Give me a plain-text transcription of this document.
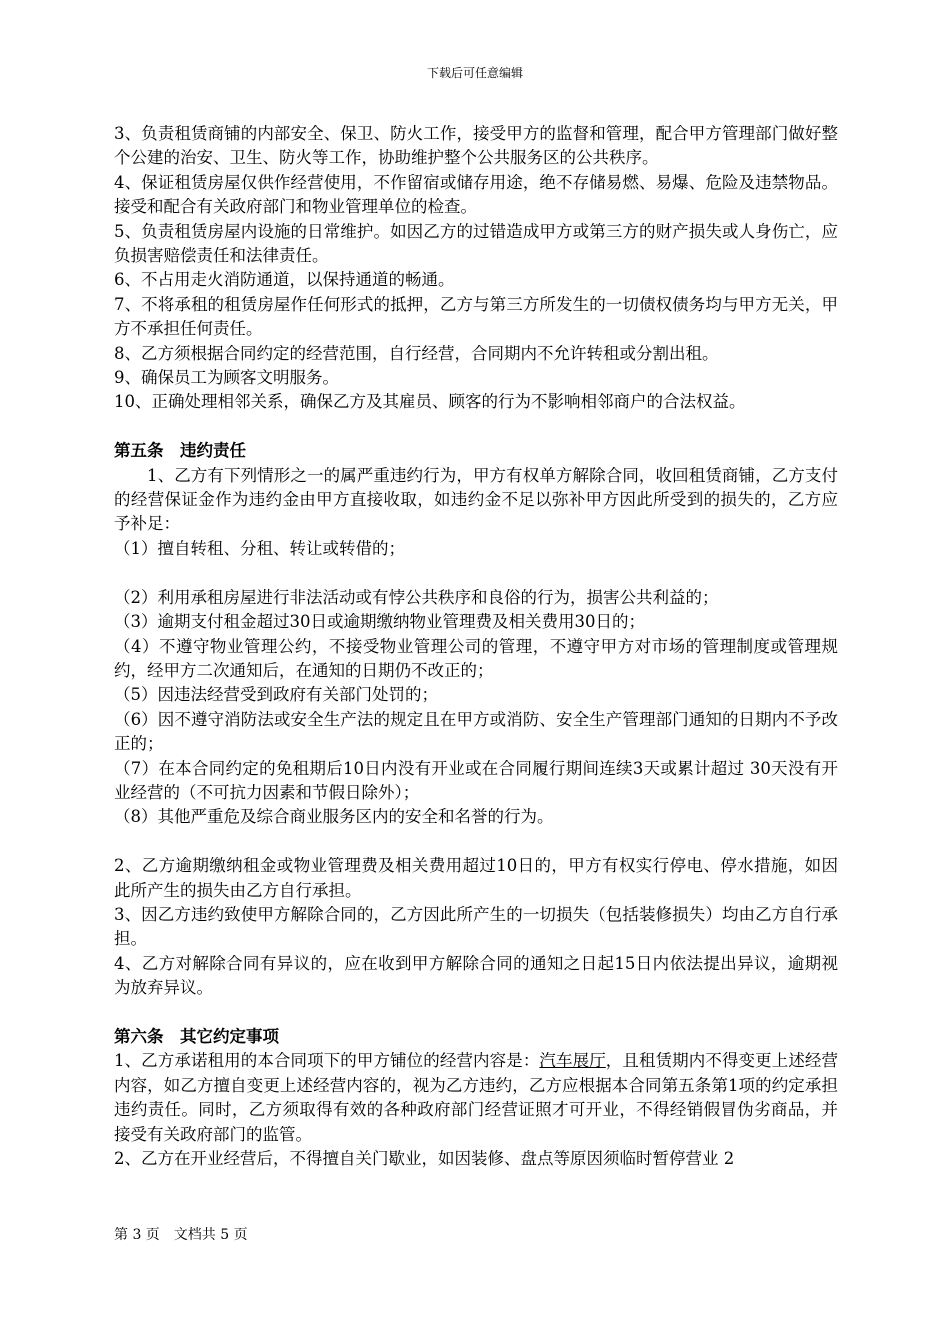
下载后可任意编辑

3、负责租赁商铺的内部安全、保卫、防火工作，接受甲方的监督和管理，配合甲方管理部门做好整个公建的治安、卫生、防火等工作，协助维护整个公共服务区的公共秩序。

4、保证租赁房屋仅供作经营使用，不作留宿或储存用途，绝不存储易燃、易爆、危险及违禁物品。接受和配合有关政府部门和物业管理单位的检查。

5、负责租赁房屋内设施的日常维护。如因乙方的过错造成甲方或第三方的财产损失或人身伤亡，应负损害赔偿责任和法律责任。

6、不占用走火消防通道，以保持通道的畅通。

7、不将承租的租赁房屋作任何形式的抵押，乙方与第三方所发生的一切债权债务均与甲方无关，甲方不承担任何责任。

8、乙方须根据合同约定的经营范围，自行经营，合同期内不允许转租或分割出租。

9、确保员工为顾客文明服务。

10、正确处理相邻关系，确保乙方及其雇员、顾客的行为不影响相邻商户的合法权益。

第五条　违约责任

1、乙方有下列情形之一的属严重违约行为，甲方有权单方解除合同，收回租赁商铺，乙方支付的经营保证金作为违约金由甲方直接收取，如违约金不足以弥补甲方因此所受到的损失的，乙方应予补足：

（1）擅自转租、分租、转让或转借的；

（2）利用承租房屋进行非法活动或有悖公共秩序和良俗的行为，损害公共利益的；

（3）逾期支付租金超过30日或逾期缴纳物业管理费及相关费用30日的；

（4）不遵守物业管理公约，不接受物业管理公司的管理，不遵守甲方对市场的管理制度或管理规约，经甲方二次通知后，在通知的日期仍不改正的；

（5）因违法经营受到政府有关部门处罚的；

（6）因不遵守消防法或安全生产法的规定且在甲方或消防、安全生产管理部门通知的日期内不予改正的；

（7）在本合同约定的免租期后10日内没有开业或在合同履行期间连续3天或累计超过 30天没有开业经营的（不可抗力因素和节假日除外）；

（8）其他严重危及综合商业服务区内的安全和名誉的行为。

2、乙方逾期缴纳租金或物业管理费及相关费用超过10日的，甲方有权实行停电、停水措施，如因此所产生的损失由乙方自行承担。

3、因乙方违约致使甲方解除合同的，乙方因此所产生的一切损失（包括装修损失）均由乙方自行承担。

4、乙方对解除合同有异议的，应在收到甲方解除合同的通知之日起15日内依法提出异议，逾期视为放弃异议。

第六条　其它约定事项

1、乙方承诺租用的本合同项下的甲方铺位的经营内容是：汽车展厅，且租赁期内不得变更上述经营内容，如乙方擅自变更上述经营内容的，视为乙方违约，乙方应根据本合同第五条第1项的约定承担违约责任。同时，乙方须取得有效的各种政府部门经营证照才可开业，不得经销假冒伪劣商品，并接受有关政府部门的监管。

2、乙方在开业经营后，不得擅自关门歇业，如因装修、盘点等原因须临时暂停营业 2

第 3 页　文档共 5 页
